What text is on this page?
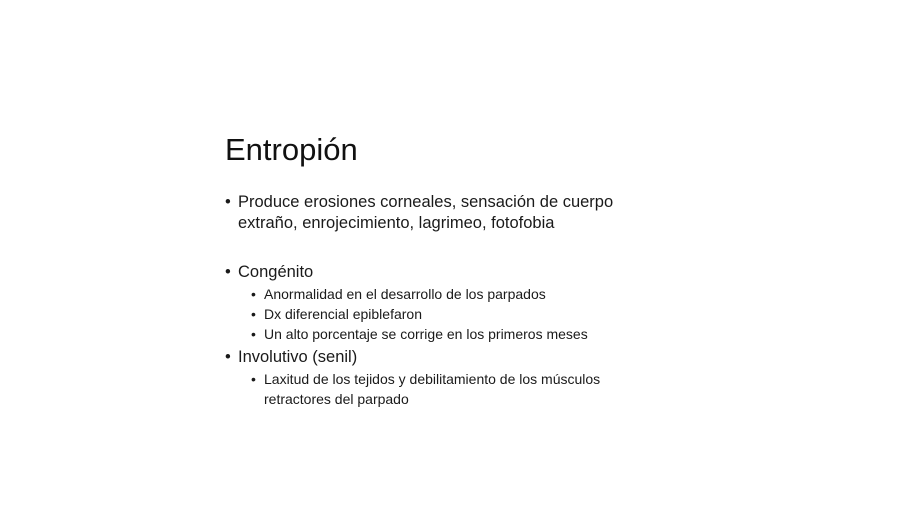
Entropión
• Produce erosiones corneales, sensación de cuerpo
extraño, enrojecimiento, lagrimeo, fotofobia
• Congénito
• Anormalidad en el desarrollo de los parpados
• Dx diferencial epiblefaron
• Un alto porcentaje se corrige en los primeros meses
• Involutivo (senil)
• Laxitud de los tejidos y debilitamiento de los músculos
retractores del parpado
